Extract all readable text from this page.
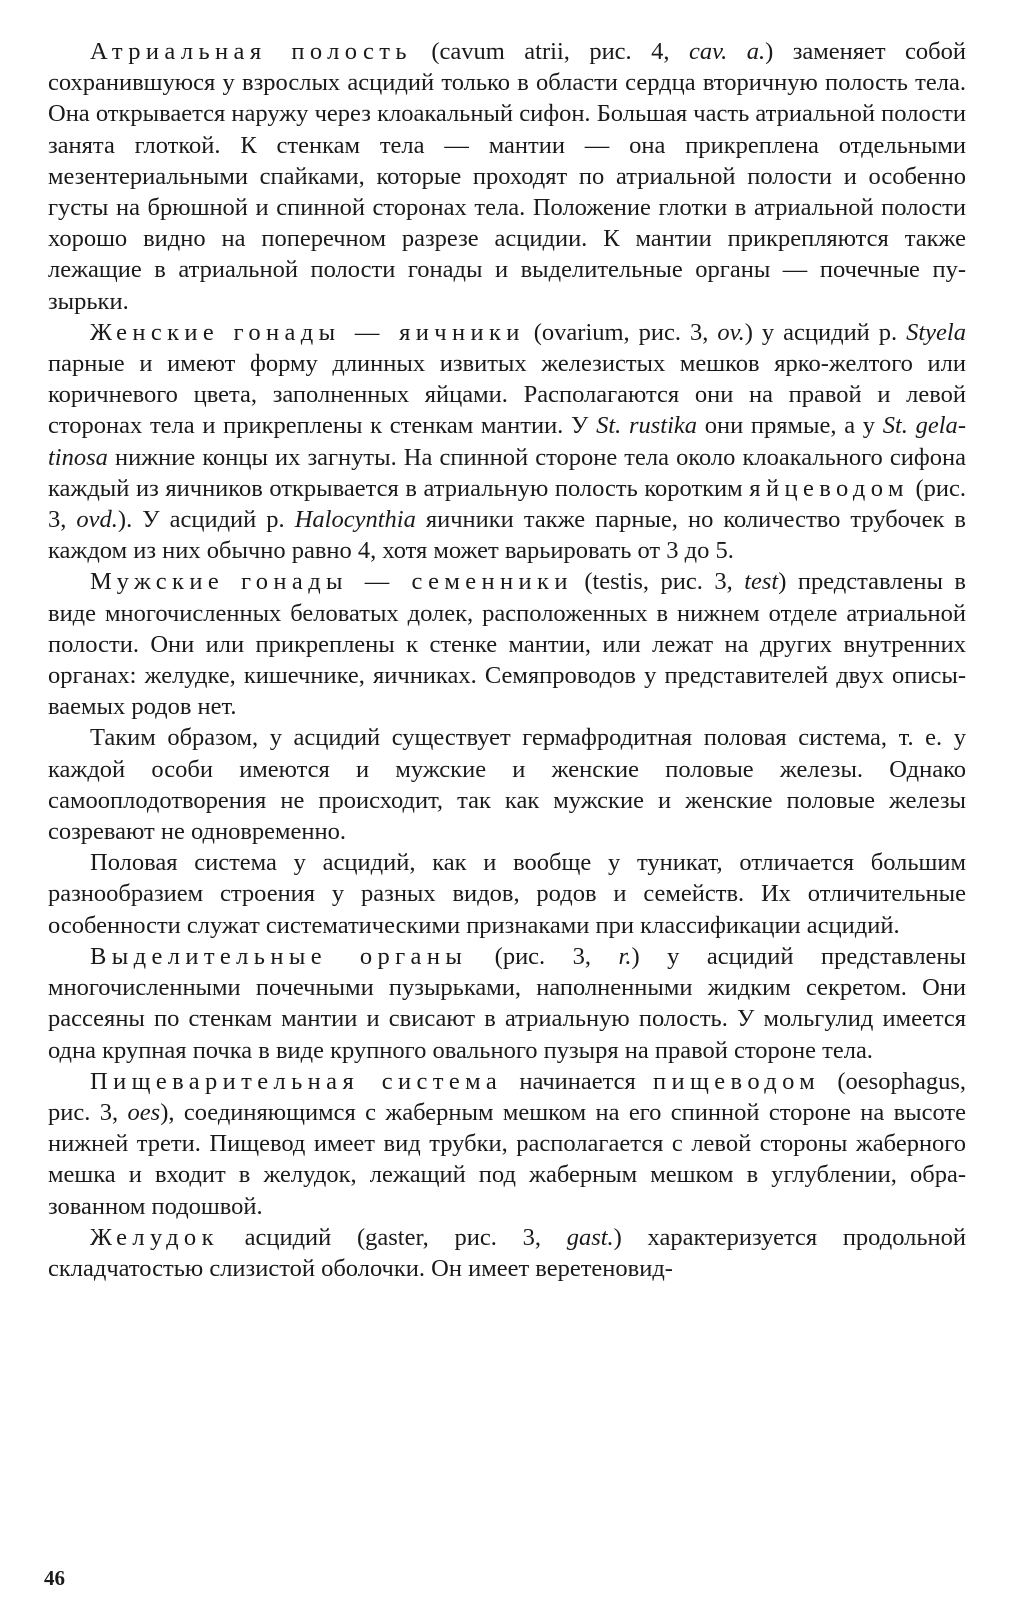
Атриальная полость (cavum atrii, рис. 4, cav. a.) заменяет собой сохранившуюся у взрослых асцидий только в области сердца вторичную полость тела. Она открывается наружу через клоакальный сифон. Большая часть атриальной полости занята глоткой. К стенкам тела — мантии — она прикреплена отдельными мезентериальными спайками, которые проходят по атриальной полости и особенно густы на брюшной и спинной сторонах тела. Положение глотки в атриальной полости хорошо видно на поперечном разрезе асцидии. К мантии прикрепляются также лежащие в атриальной полости гонады и выделительные органы — почечные пузырьки.

Женские гонады — яичники (ovarium, рис. 3, ov.) у асцидий р. Styela парные и имеют форму длинных извитых железистых мешков ярко-желтого или коричневого цвета, заполненных яйцами. Располагаются они на правой и левой сторонах тела и прикреплены к стенкам мантии. У St. rustika они прямые, а у St. gelatinosa нижние концы их загнуты. На спинной стороне тела около клоакального сифона каждый из яичников открывается в атриальную полость коротким яйцеводом (рис. 3, ovd.). У асцидий р. Halocynthia яичники также парные, но количество трубочек в каждом из них обычно равно 4, хотя может варьировать от 3 до 5.

Мужские гонады — семенники (testis, рис. 3, test) представлены в виде многочисленных беловатых долек, расположенных в нижнем отделе атриальной полости. Они или прикреплены к стенке мантии, или лежат на других внутренних органах: желудке, кишечнике, яичниках. Семяпроводов у представителей двух описываемых родов нет.

Таким образом, у асцидий существует гермафродитная половая система, т. е. у каждой особи имеются и мужские и женские половые железы. Однако самооплодотворения не происходит, так как мужские и женские половые железы созревают не одновременно.

Половая система у асцидий, как и вообще у туникат, отличается большим разнообразием строения у разных видов, родов и семейств. Их отличительные особенности служат систематическими признаками при классификации асцидий.

Выделительные органы (рис. 3, r.) у асцидий представлены многочисленными почечными пузырьками, наполненными жидким секретом. Они рассеяны по стенкам мантии и свисают в атриальную полость. У мольгулид имеется одна крупная почка в виде крупного овального пузыря на правой стороне тела.

Пищеварительная система начинается пищеводом (oesophagus, рис. 3, oes), соединяющимся с жаберным мешком на его спинной стороне на высоте нижней трети. Пищевод имеет вид трубки, располагается с левой стороны жаберного мешка и входит в желудок, лежащий под жаберным мешком в углублении, образованном подошвой.

Желудок асцидий (gaster, рис. 3, gast.) характеризуется продольной складчатостью слизистой оболочки. Он имеет веретеновид-

46
